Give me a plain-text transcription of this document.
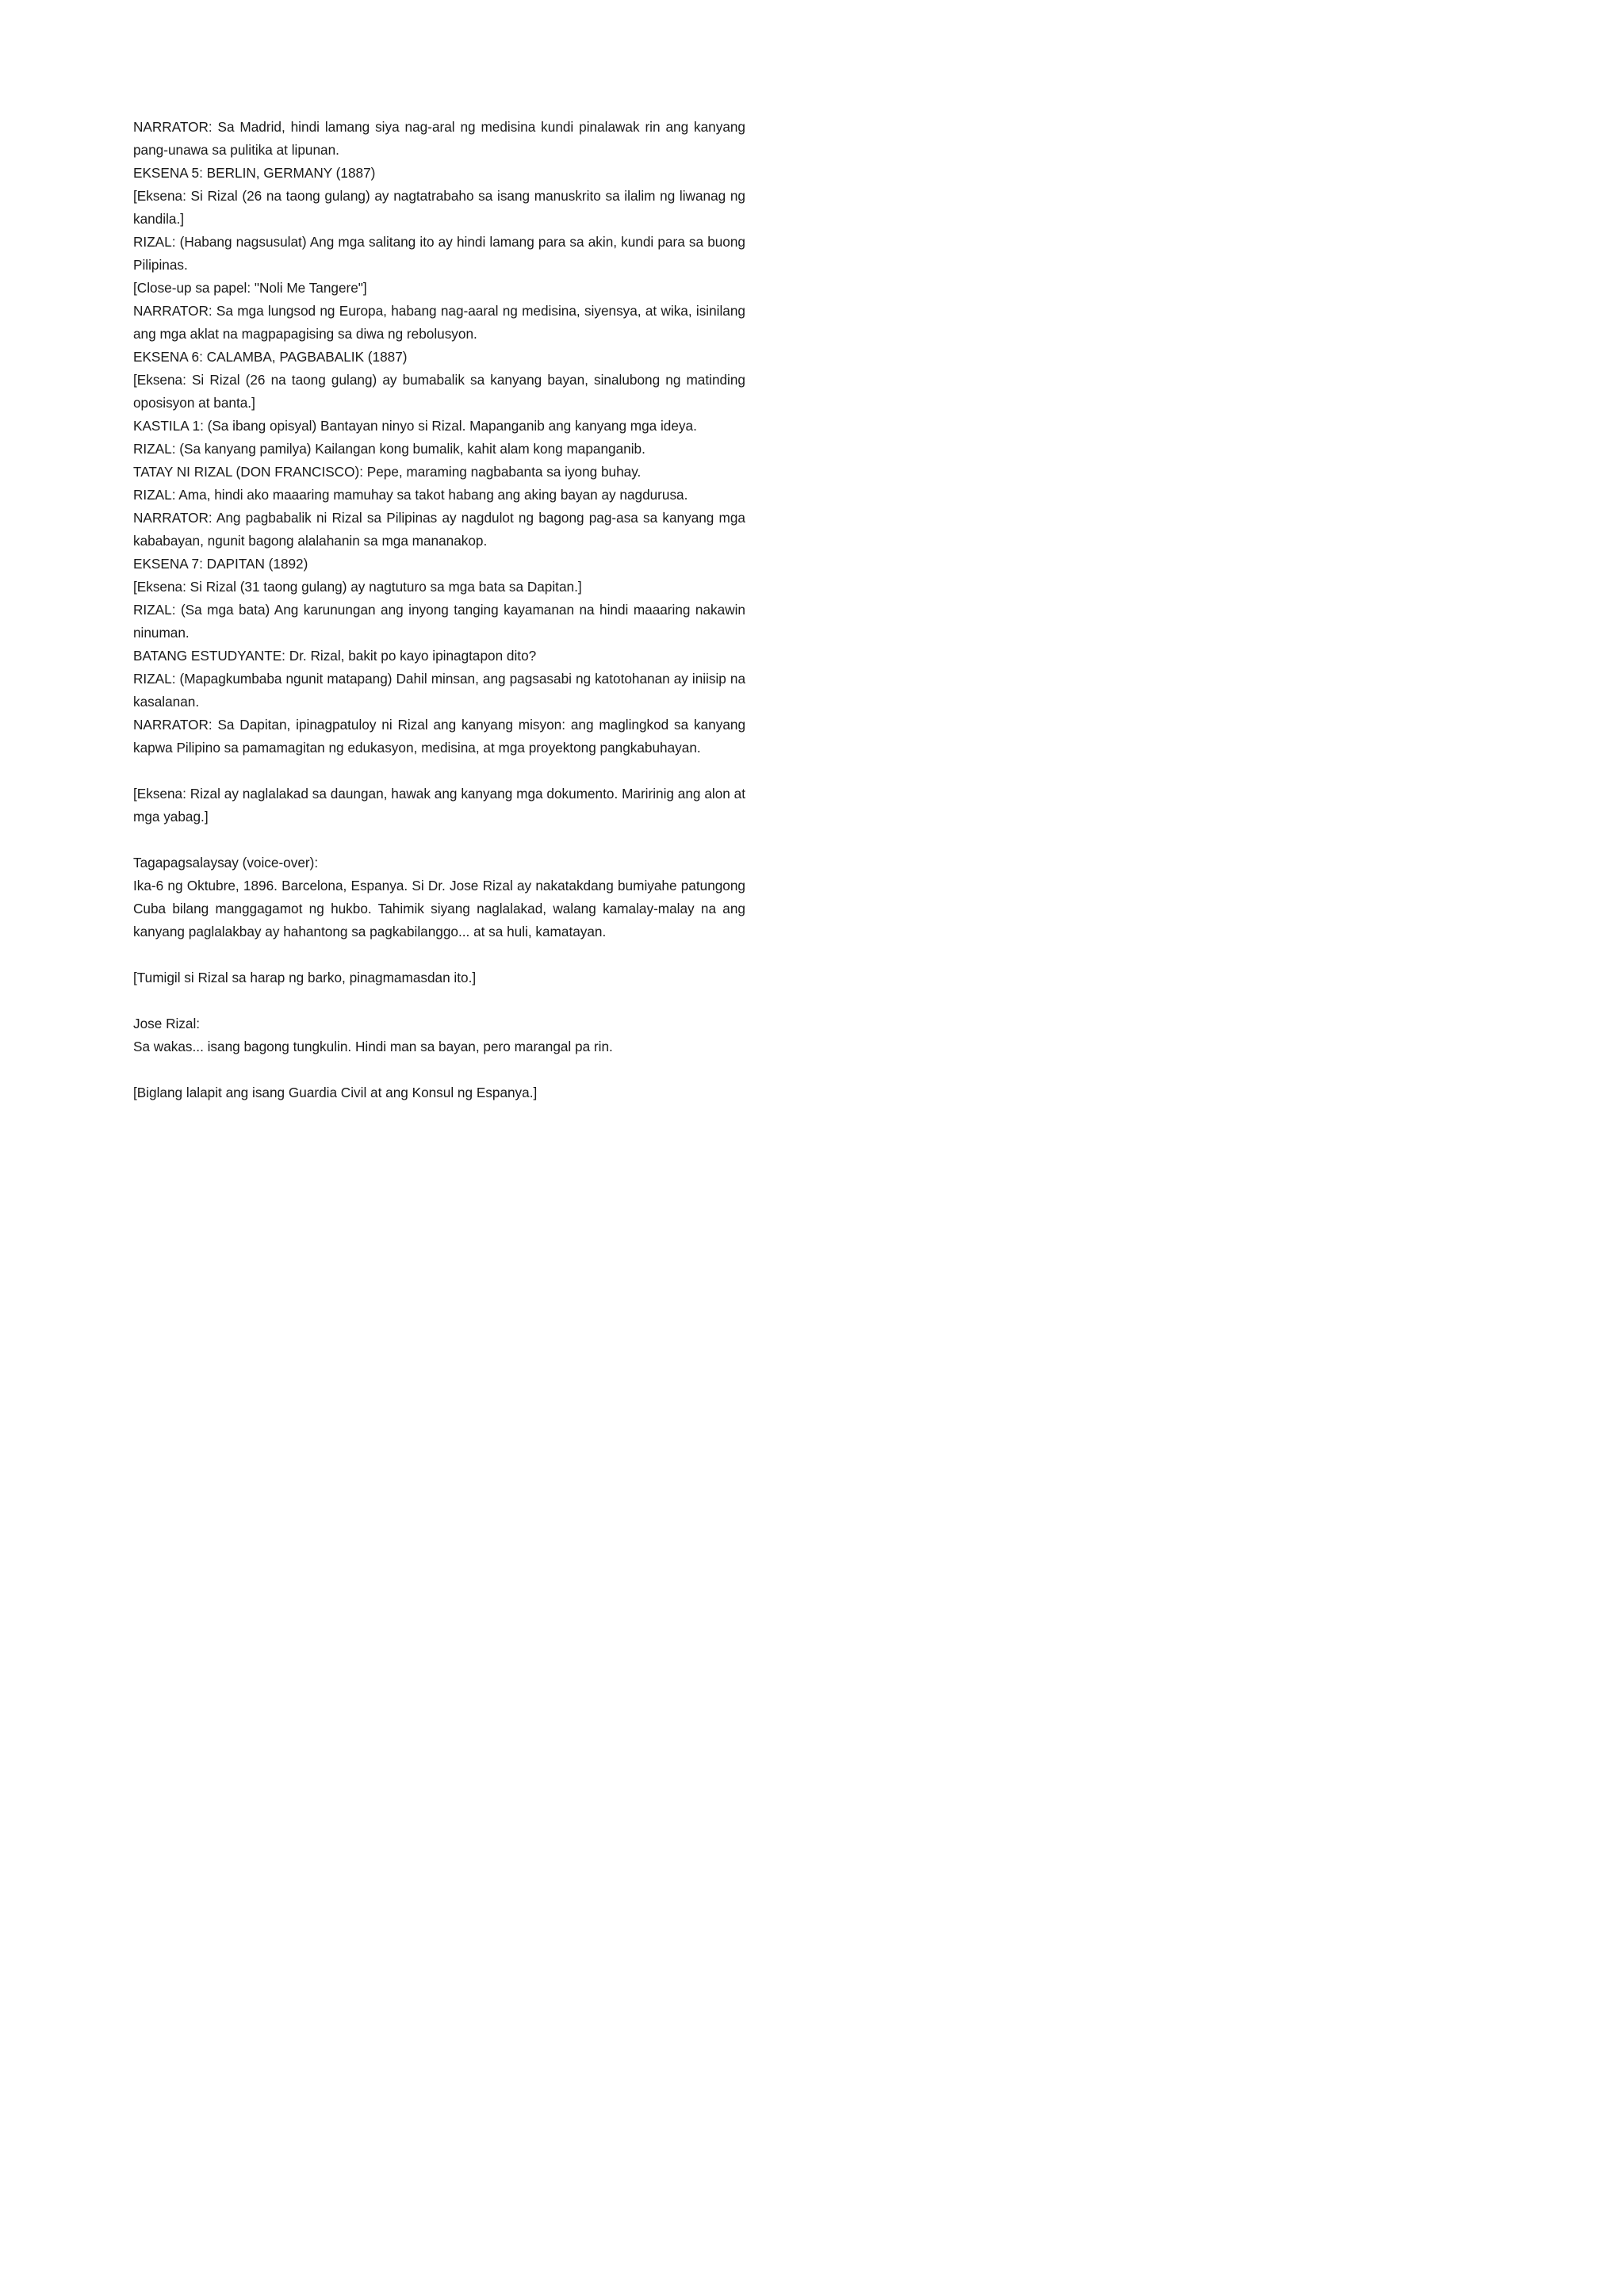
NARRATOR: Sa Madrid, hindi lamang siya nag-aral ng medisina kundi pinalawak rin ang kanyang pang-unawa sa pulitika at lipunan.

EKSENA 5: BERLIN, GERMANY (1887)

[Eksena: Si Rizal (26 na taong gulang) ay nagtatrabaho sa isang manuskrito sa ilalim ng liwanag ng kandila.]

RIZAL: (Habang nagsusulat) Ang mga salitang ito ay hindi lamang para sa akin, kundi para sa buong Pilipinas.

[Close-up sa papel: "Noli Me Tangere"]

NARRATOR: Sa mga lungsod ng Europa, habang nag-aaral ng medisina, siyensya, at wika, isinilang ang mga aklat na magpapagising sa diwa ng rebolusyon.

EKSENA 6: CALAMBA, PAGBABALIK (1887)

[Eksena: Si Rizal (26 na taong gulang) ay bumabalik sa kanyang bayan, sinalubong ng matinding oposisyon at banta.]

KASTILA 1: (Sa ibang opisyal) Bantayan ninyo si Rizal. Mapanganib ang kanyang mga ideya.

RIZAL: (Sa kanyang pamilya) Kailangan kong bumalik, kahit alam kong mapanganib.

TATAY NI RIZAL (DON FRANCISCO): Pepe, maraming nagbabanta sa iyong buhay.

RIZAL: Ama, hindi ako maaaring mamuhay sa takot habang ang aking bayan ay nagdurusa.

NARRATOR: Ang pagbabalik ni Rizal sa Pilipinas ay nagdulot ng bagong pag-asa sa kanyang mga kababayan, ngunit bagong alalahanin sa mga mananakop.

EKSENA 7: DAPITAN (1892)

[Eksena: Si Rizal (31 taong gulang) ay nagtuturo sa mga bata sa Dapitan.]

RIZAL: (Sa mga bata) Ang karunungan ang inyong tanging kayamanan na hindi maaaring nakawin ninuman.

BATANG ESTUDYANTE: Dr. Rizal, bakit po kayo ipinagtapon dito?

RIZAL: (Mapagkumbaba ngunit matapang) Dahil minsan, ang pagsasabi ng katotohanan ay iniisip na kasalanan.

NARRATOR: Sa Dapitan, ipinagpatuloy ni Rizal ang kanyang misyon: ang maglingkod sa kanyang kapwa Pilipino sa pamamagitan ng edukasyon, medisina, at mga proyektong pangkabuhayan.

[Eksena: Rizal ay naglalakad sa daungan, hawak ang kanyang mga dokumento. Maririnig ang alon at mga yabag.]

Tagapagsalaysay (voice-over):

Ika-6 ng Oktubre, 1896. Barcelona, Espanya. Si Dr. Jose Rizal ay nakatakdang bumiyahe patungong Cuba bilang manggagamot ng hukbo. Tahimik siyang naglalakad, walang kamalay-malay na ang kanyang paglalakbay ay hahantong sa pagkabilanggo... at sa huli, kamatayan.

[Tumigil si Rizal sa harap ng barko, pinagmamasdan ito.]

Jose Rizal:

Sa wakas... isang bagong tungkulin. Hindi man sa bayan, pero marangal pa rin.

[Biglang lalapit ang isang Guardia Civil at ang Konsul ng Espanya.]
